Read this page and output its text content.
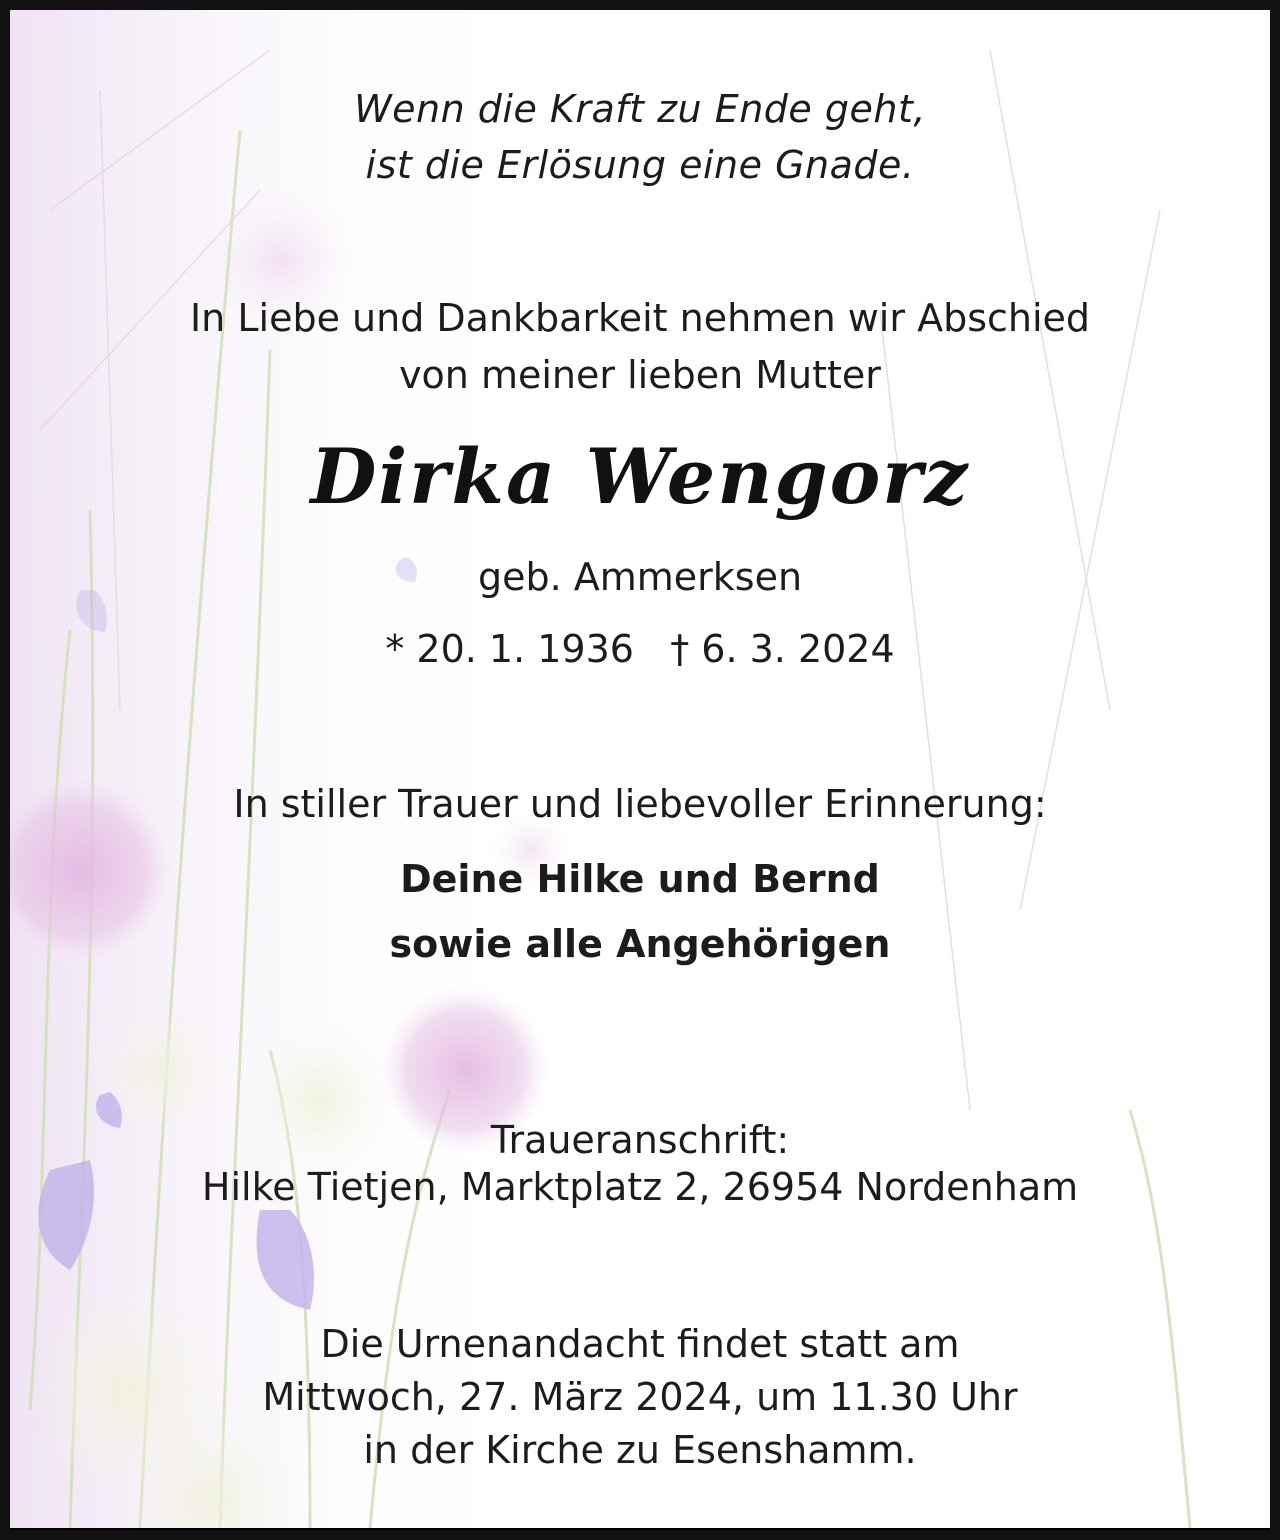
Wenn die Kraft zu Ende geht,
ist die Erlösung eine Gnade.
In Liebe und Dankbarkeit nehmen wir Abschied
von meiner lieben Mutter
Dirka Wengorz
geb. Ammerksen
* 20. 1. 1936   † 6. 3. 2024
In stiller Trauer und liebevoller Erinnerung:
Deine Hilke und Bernd
sowie alle Angehörigen
Traueranschrift:
Hilke Tietjen, Marktplatz 2, 26954 Nordenham
Die Urnenandacht findet statt am
Mittwoch, 27. März 2024, um 11.30 Uhr
in der Kirche zu Esenshamm.
